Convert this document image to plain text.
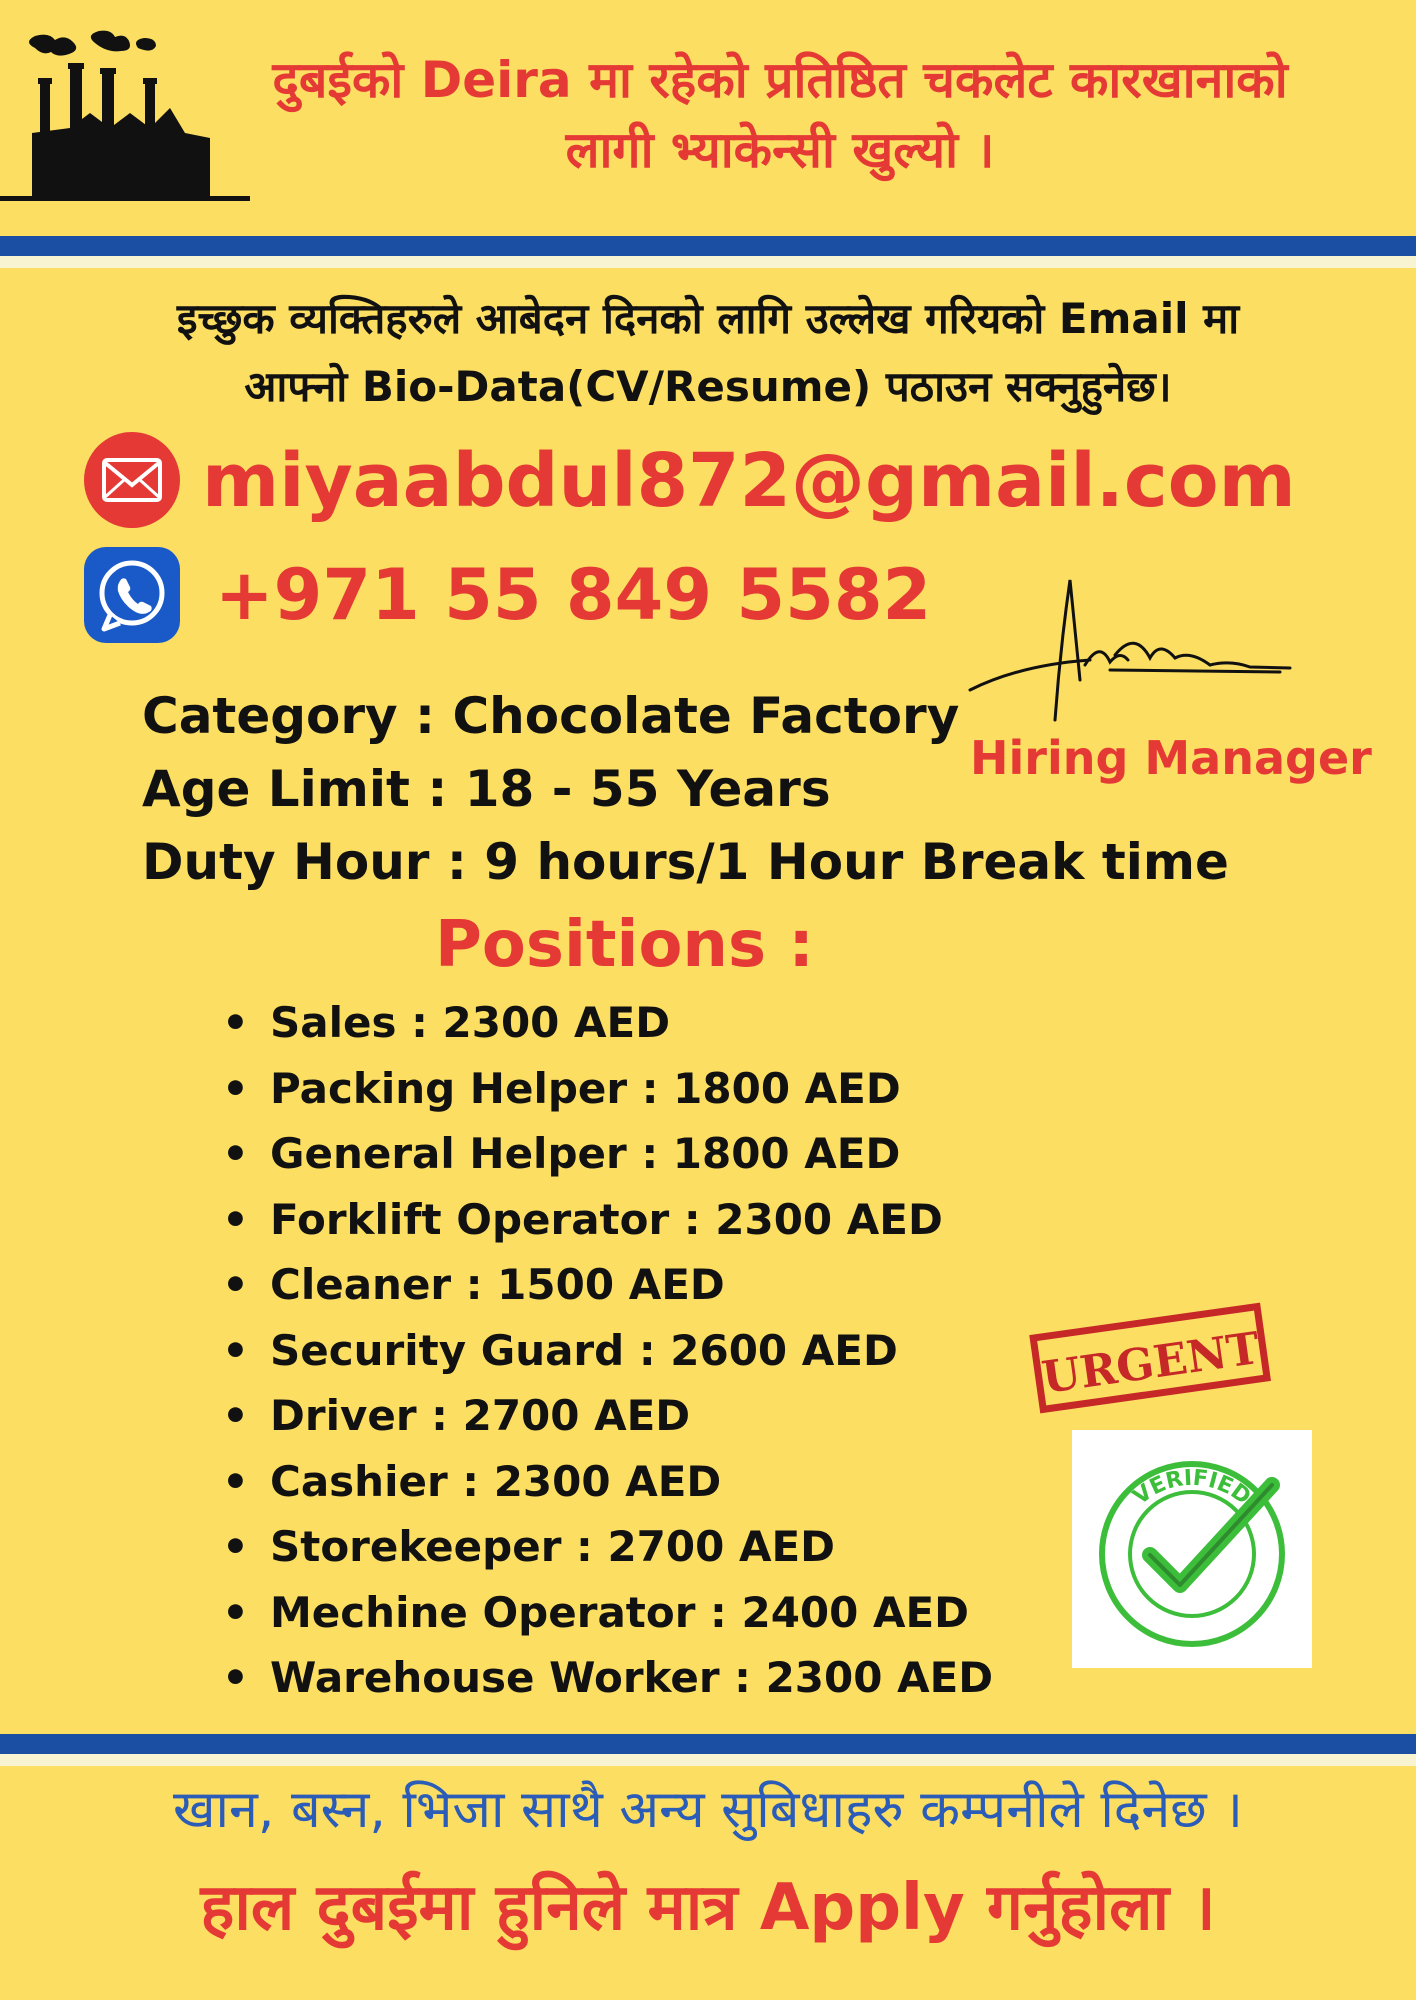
दुबईको Deira मा रहेको प्रतिष्ठित चकलेट कारखानाको
लागी भ्याकेन्सी खुल्यो ।
इच्छुक व्यक्तिहरुले आबेदन दिनको लागि उल्लेख गरियको Email मा
आफ्नो Bio-Data(CV/Resume) पठाउन सक्नुहुनेछ।
miyaabdul872@gmail.com
+971 55 849 5582
Hiring Manager
Category : Chocolate Factory
Age Limit : 18 - 55 Years
Duty Hour : 9 hours/1 Hour Break time
Positions :
• Sales : 2300 AED
• Packing Helper : 1800 AED
• General Helper : 1800 AED
• Forklift Operator : 2300 AED
• Cleaner : 1500 AED
• Security Guard : 2600 AED
• Driver : 2700 AED
• Cashier : 2300 AED
• Storekeeper : 2700 AED
• Mechine Operator : 2400 AED
• Warehouse Worker : 2300 AED
URGENT
VERIFIED
खान, बस्न, भिजा साथै अन्य सुबिधाहरु कम्पनीले दिनेछ ।
हाल दुबईमा हुनिले मात्र Apply गर्नुहोला ।
